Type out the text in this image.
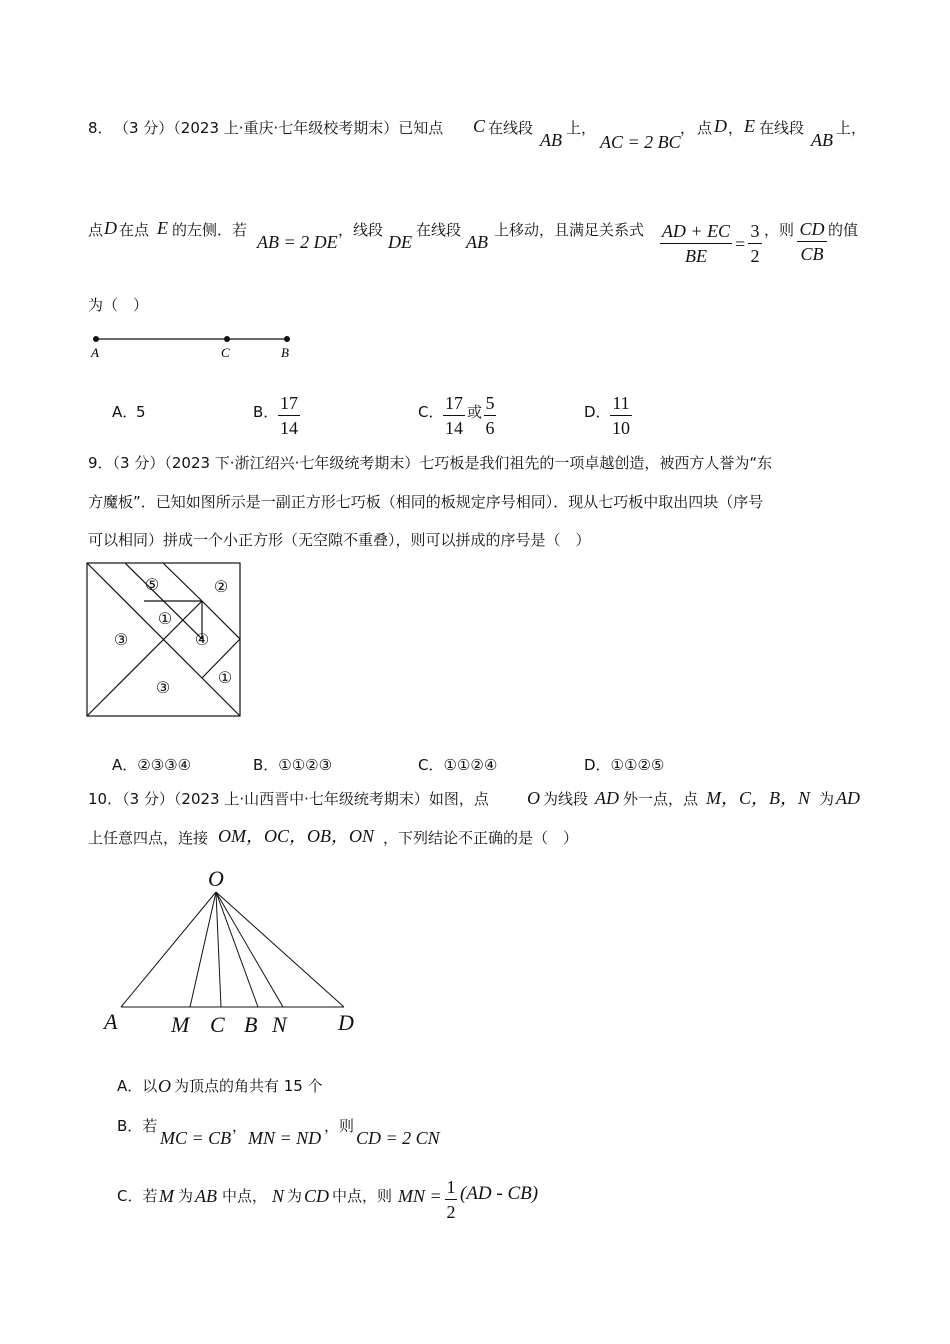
8． （3 分）（2023 上·重庆·七年级校考期末）已知点 C 在线段
AB
上，
AC = 2 BC
， 点 D ， E 在线段
AB
上，
点 D 在点 E 的左侧．若
AB = 2 DE
，线段
DE
在线段
AB
上移动，且满足关系式 AD + EC
BE
=
3
2
，则 CD
CB
的值
为（　）
A	C	B
A．
5	B． 17
14
C． 17
14
或 5
6
D． 11
10
9．（3 分）（2023 下·浙江绍兴·七年级统考期末）七巧板是我们祖先的一项卓越创造，被西方人誉为“东
方魔板”．已知如图所示是一副正方形七巧板（相同的板规定序号相同）．现从七巧板中取出四块（序号
可以相同）拼成一个小正方形（无空隙不重叠），则可以拼成的序号是（　）
⑤	②
①
③	④
①
③
A．②③③④	B．①①②③	C．①①②④	D．①①②⑤
10．（3 分）（2023 上·山西晋中·七年级统考期末）如图，点 O 为线段 AD 外一点，点 M，C，B，N 为 AD
上任意四点，连接 OM，OC，OB，ON ，下列结论不正确的是（　）
O
A M C B N D
A．以 O 为顶点的角共有 15 个
B．若
MC = CB
，
MN = ND
，则
CD = 2 CN
C．若 M 为 AB 中点， N 为 CD 中点，则 MN = 1
2
(AD - CB)
